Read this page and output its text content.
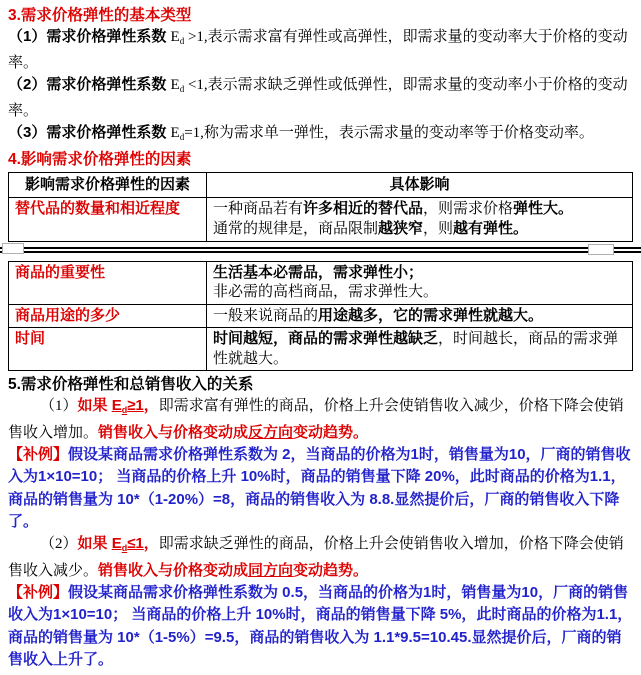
3.需求价格弹性的基本类型

（1）需求价格弹性系数 $E_d >1$,表示需求富有弹性或高弹性，即需求量的变动率大于价格的变动率。

（2）需求价格弹性系数 $E_d <1$,表示需求缺乏弹性或低弹性，即需求量的变动率小于价格的变动率。

（3）需求价格弹性系数 $E_d=1$,称为需求单一弹性，表示需求量的变动率等于价格变动率。

4.影响需求价格弹性的因素
影响需求价格弹性的因素	具体影响
替代品的数量和相近程度	一种商品若有许多相近的替代品，则需求价格弹性大。
通常的规律是，商品限制越狭窄，则越有弹性。
商品的重要性	生活基本必需品，需求弹性小；
非必需的高档商品，需求弹性大。
商品用途的多少	一般来说商品的用途越多，它的需求弹性就越大。
时间	时间越短，商品的需求弹性越缺乏，时间越长，商品的需求弹性就越大。
5.需求价格弹性和总销售收入的关系

（1）如果 $E_d\ge 1$，即需求富有弹性的商品，价格上升会使销售收入减少，价格下降会使销售收入增加。销售收入与价格变动成反方向变动趋势。

【补例】假设某商品需求价格弹性系数为 2，当商品的价格为1时，销售量为10，厂商的销售收入为1×10=10； 当商品的价格上升 10%时，商品的销售量下降 20%，此时商品的价格为1.1，商品的销售量为 10*（1-20%）=8，商品的销售收入为 8.8.显然提价后，厂商的销售收入下降了。

（2）如果 $E_d\le 1$，即需求缺乏弹性的商品，价格上升会使销售收入增加，价格下降会使销售收入减少。销售收入与价格变动成同方向变动趋势。

【补例】假设某商品需求价格弹性系数为 0.5，当商品的价格为1时，销售量为10，厂商的销售收入为1×10=10； 当商品的价格上升 10%时，商品的销售量下降 5%，此时商品的价格为1.1，商品的销售量为 10*（1-5%）=9.5，商品的销售收入为 1.1*9.5=10.45.显然提价后，厂商的销售收入上升了。
